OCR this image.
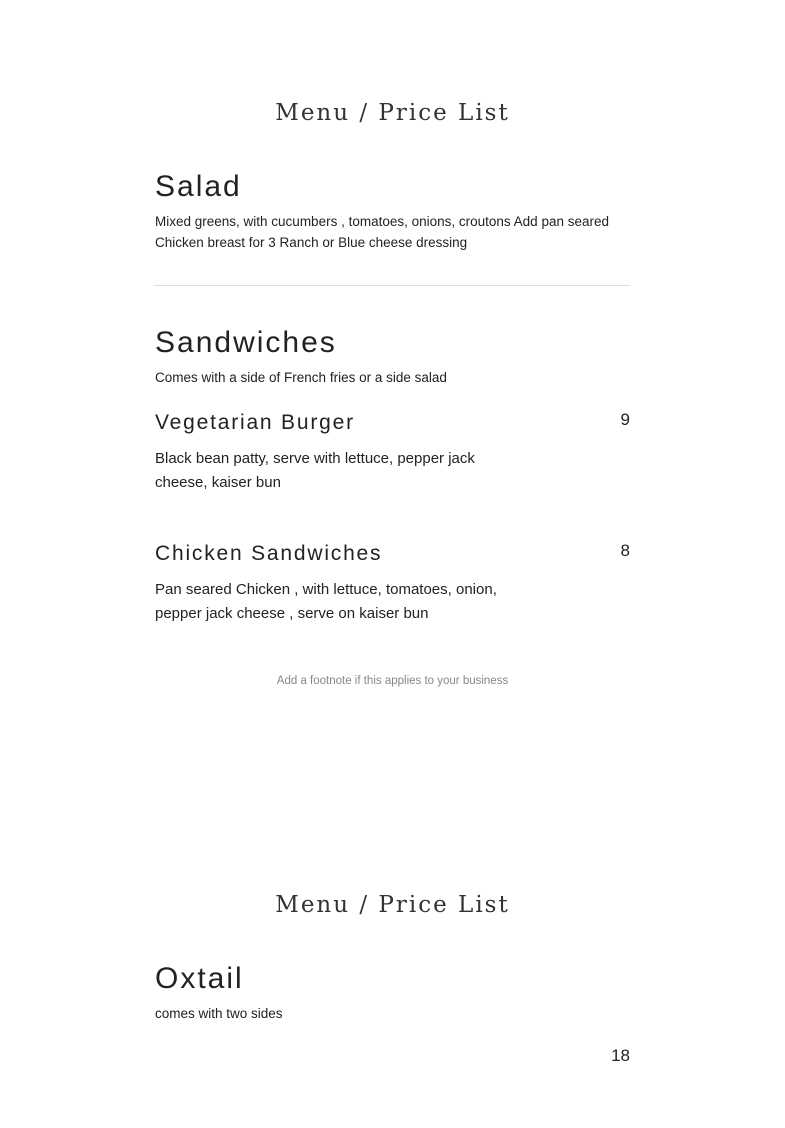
Menu / Price List
Salad
Mixed greens, with cucumbers , tomatoes, onions, croutons Add pan seared Chicken breast for 3 Ranch or Blue cheese dressing
Sandwiches
Comes with a side of French fries or a side salad
Vegetarian Burger	9
Black bean patty, serve with lettuce, pepper jack cheese, kaiser bun
Chicken Sandwiches	8
Pan seared Chicken , with lettuce, tomatoes, onion, pepper jack cheese , serve on kaiser bun
Add a footnote if this applies to your business
Menu / Price List
Oxtail
comes with two sides
18
